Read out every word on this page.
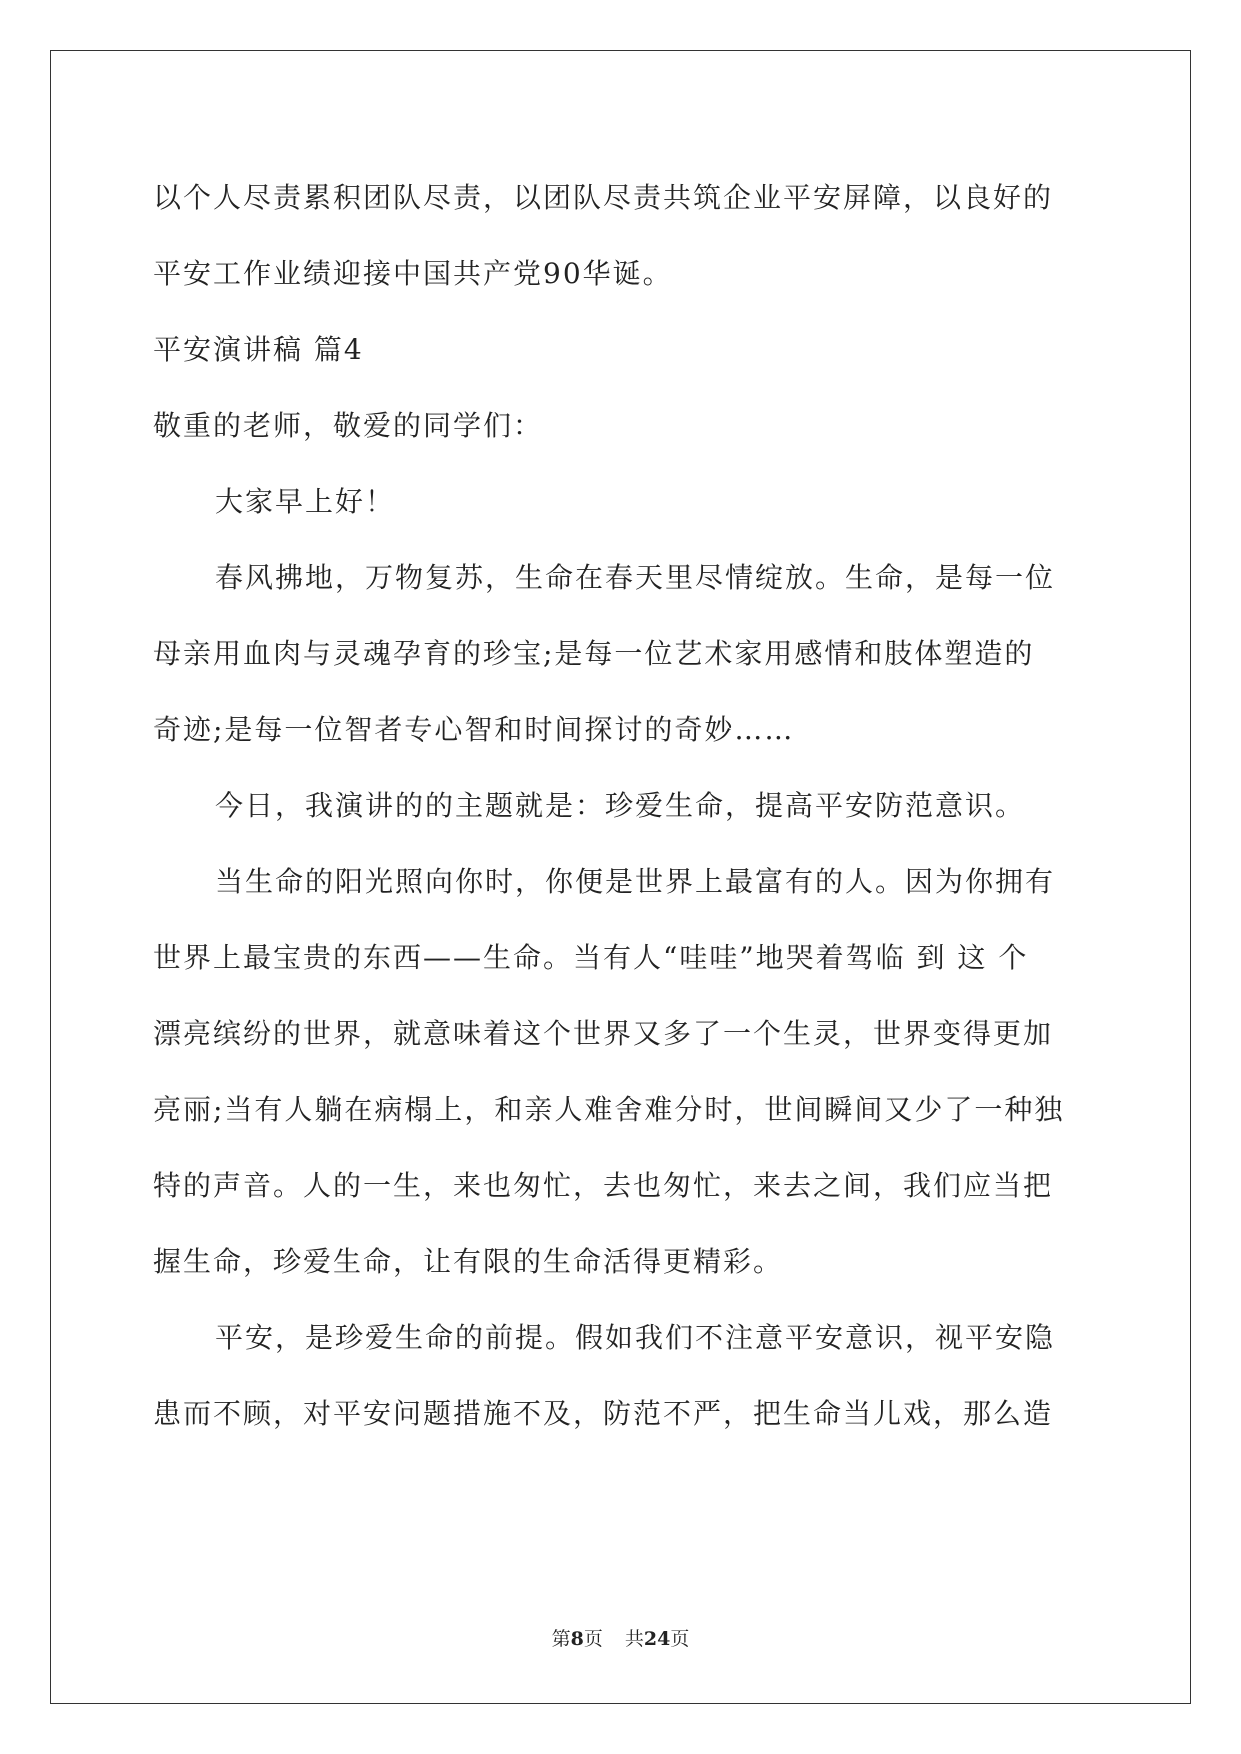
以个人尽责累积团队尽责，以团队尽责共筑企业平安屏障，以良好的
平安工作业绩迎接中国共产党90华诞。
平安演讲稿 篇4
敬重的老师，敬爱的同学们：
大家早上好！
春风拂地，万物复苏，生命在春天里尽情绽放。生命，是每一位
母亲用血肉与灵魂孕育的珍宝;是每一位艺术家用感情和肢体塑造的
奇迹;是每一位智者专心智和时间探讨的奇妙……
今日，我演讲的的主题就是：珍爱生命，提高平安防范意识。
当生命的阳光照向你时，你便是世界上最富有的人。因为你拥有
世界上最宝贵的东西——生命。当有人“哇哇”地哭着驾临 到 这 个
漂亮缤纷的世界，就意味着这个世界又多了一个生灵，世界变得更加
亮丽;当有人躺在病榻上，和亲人难舍难分时，世间瞬间又少了一种独
特的声音。人的一生，来也匆忙，去也匆忙，来去之间，我们应当把
握生命，珍爱生命，让有限的生命活得更精彩。
平安，是珍爱生命的前提。假如我们不注意平安意识，视平安隐
患而不顾，对平安问题措施不及，防范不严，把生命当儿戏，那么造
第8页 共24页
